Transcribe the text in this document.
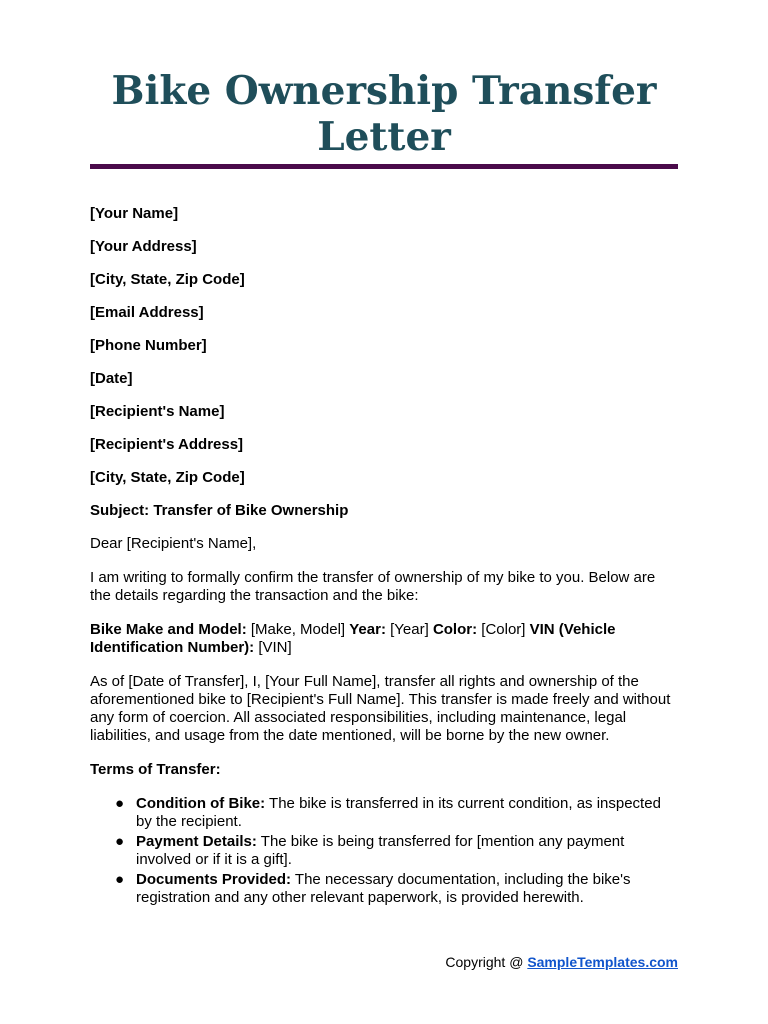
Bike Ownership Transfer Letter

[Your Name]

[Your Address]

[City, State, Zip Code]

[Email Address]

[Phone Number]

[Date]

[Recipient's Name]

[Recipient's Address]

[City, State, Zip Code]

Subject: Transfer of Bike Ownership

Dear [Recipient's Name],

I am writing to formally confirm the transfer of ownership of my bike to you. Below are the details regarding the transaction and the bike:

Bike Make and Model: [Make, Model] Year: [Year] Color: [Color] VIN (Vehicle Identification Number): [VIN]

As of [Date of Transfer], I, [Your Full Name], transfer all rights and ownership of the aforementioned bike to [Recipient's Full Name]. This transfer is made freely and without any form of coercion. All associated responsibilities, including maintenance, legal liabilities, and usage from the date mentioned, will be borne by the new owner.

Terms of Transfer:

● Condition of Bike: The bike is transferred in its current condition, as inspected by the recipient.
● Payment Details: The bike is being transferred for [mention any payment involved or if it is a gift].
● Documents Provided: The necessary documentation, including the bike's registration and any other relevant paperwork, is provided herewith.
Copyright @ SampleTemplates.com
